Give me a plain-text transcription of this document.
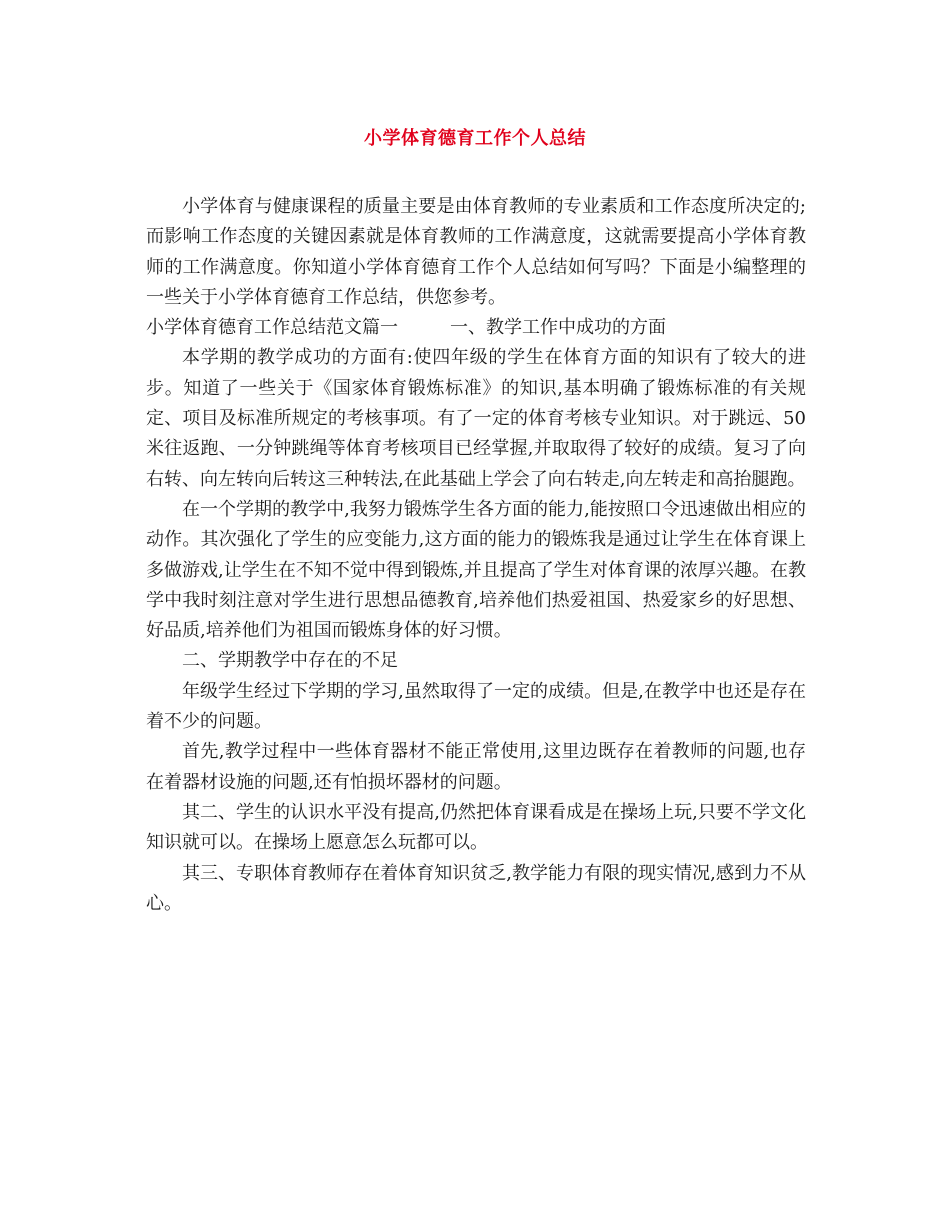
小学体育德育工作个人总结

小学体育与健康课程的质量主要是由体育教师的专业素质和工作态度所决定的;而影响工作态度的关键因素就是体育教师的工作满意度，这就需要提高小学体育教师的工作满意度。你知道小学体育德育工作个人总结如何写吗？下面是小编整理的一些关于小学体育德育工作总结，供您参考。

小学体育德育工作总结范文篇一	一、教学工作中成功的方面

本学期的教学成功的方面有:使四年级的学生在体育方面的知识有了较大的进步。知道了一些关于《国家体育锻炼标准》的知识,基本明确了锻炼标准的有关规定、项目及标准所规定的考核事项。有了一定的体育考核专业知识。对于跳远、50米往返跑、一分钟跳绳等体育考核项目已经掌握,并取取得了较好的成绩。复习了向右转、向左转向后转这三种转法,在此基础上学会了向右转走,向左转走和高抬腿跑。

在一个学期的教学中,我努力锻炼学生各方面的能力,能按照口令迅速做出相应的动作。其次强化了学生的应变能力,这方面的能力的锻炼我是通过让学生在体育课上多做游戏,让学生在不知不觉中得到锻炼,并且提高了学生对体育课的浓厚兴趣。在教学中我时刻注意对学生进行思想品德教育,培养他们热爱祖国、热爱家乡的好思想、好品质,培养他们为祖国而锻炼身体的好习惯。

二、学期教学中存在的不足

年级学生经过下学期的学习,虽然取得了一定的成绩。但是,在教学中也还是存在着不少的问题。

首先,教学过程中一些体育器材不能正常使用,这里边既存在着教师的问题,也存在着器材设施的问题,还有怕损坏器材的问题。

其二、学生的认识水平没有提高,仍然把体育课看成是在操场上玩,只要不学文化知识就可以。在操场上愿意怎么玩都可以。

其三、专职体育教师存在着体育知识贫乏,教学能力有限的现实情况,感到力不从心。
